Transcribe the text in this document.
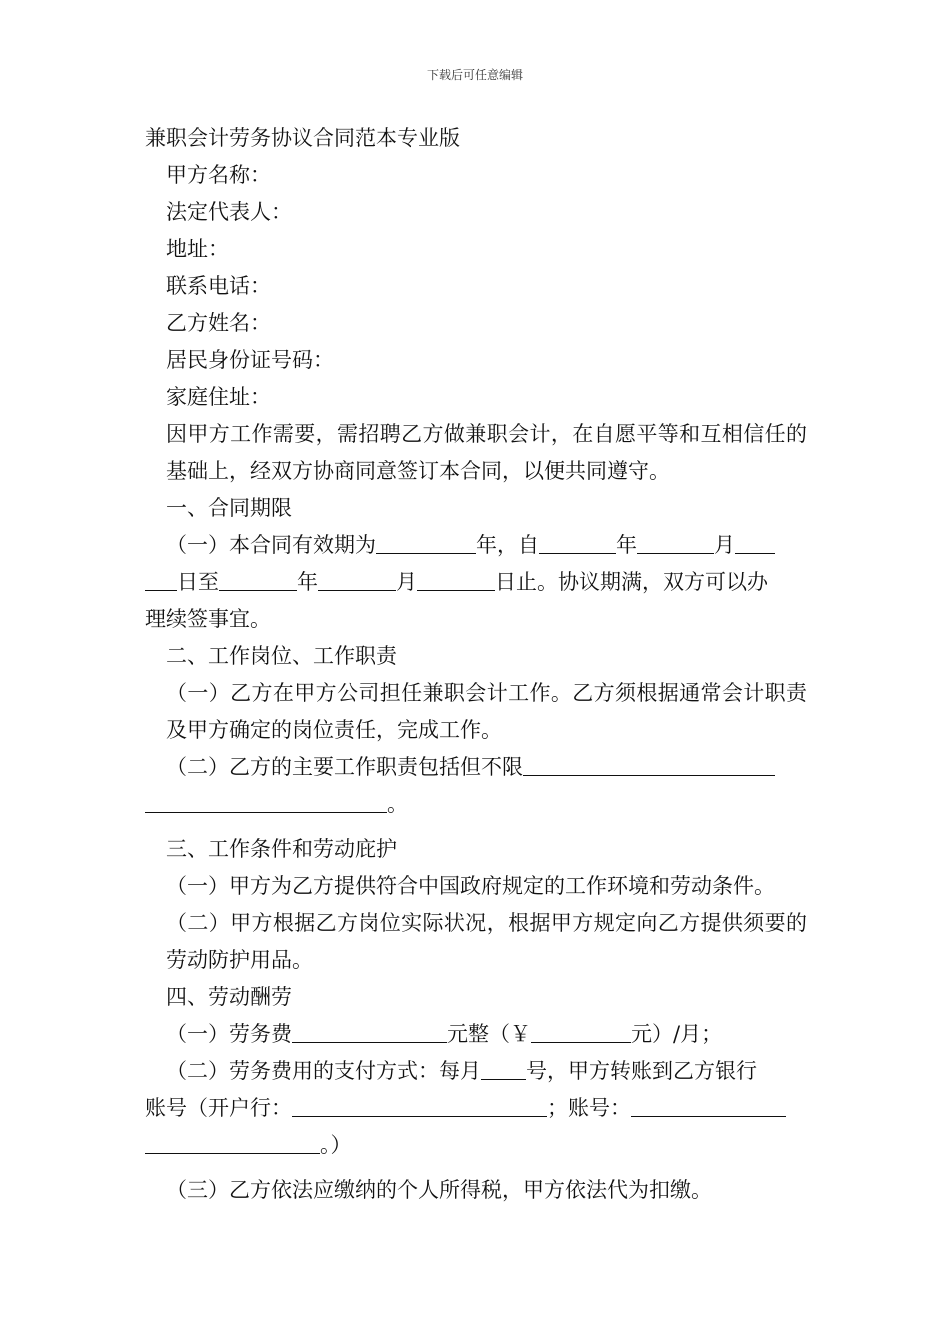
下载后可任意编辑
兼职会计劳务协议合同范本专业版
甲方名称：
法定代表人：
地址：
联系电话：
乙方姓名：
居民身份证号码：
家庭住址：
因甲方工作需要，需招聘乙方做兼职会计，在自愿平等和互相信任的基础上，经双方协商同意签订本合同，以便共同遵守。
一、合同期限
（一）本合同有效期为	年，自	年	月
日至	年	月	日止。协议期满，双方可以办
理续签事宜。
二、工作岗位、工作职责
（一）乙方在甲方公司担任兼职会计工作。乙方须根据通常会计职责及甲方确定的岗位责任，完成工作。
（二）乙方的主要工作职责包括但不限
。
三、工作条件和劳动庇护
（一）甲方为乙方提供符合中国政府规定的工作环境和劳动条件。
（二）甲方根据乙方岗位实际状况，根据甲方规定向乙方提供须要的劳动防护用品。
四、劳动酬劳
（一）劳务费	元整（￥	元）/月；
（二）劳务费用的支付方式：每月 号，甲方转账到乙方银行
账号（开户行：	；账号：
。）
（三）乙方依法应缴纳的个人所得税，甲方依法代为扣缴。
